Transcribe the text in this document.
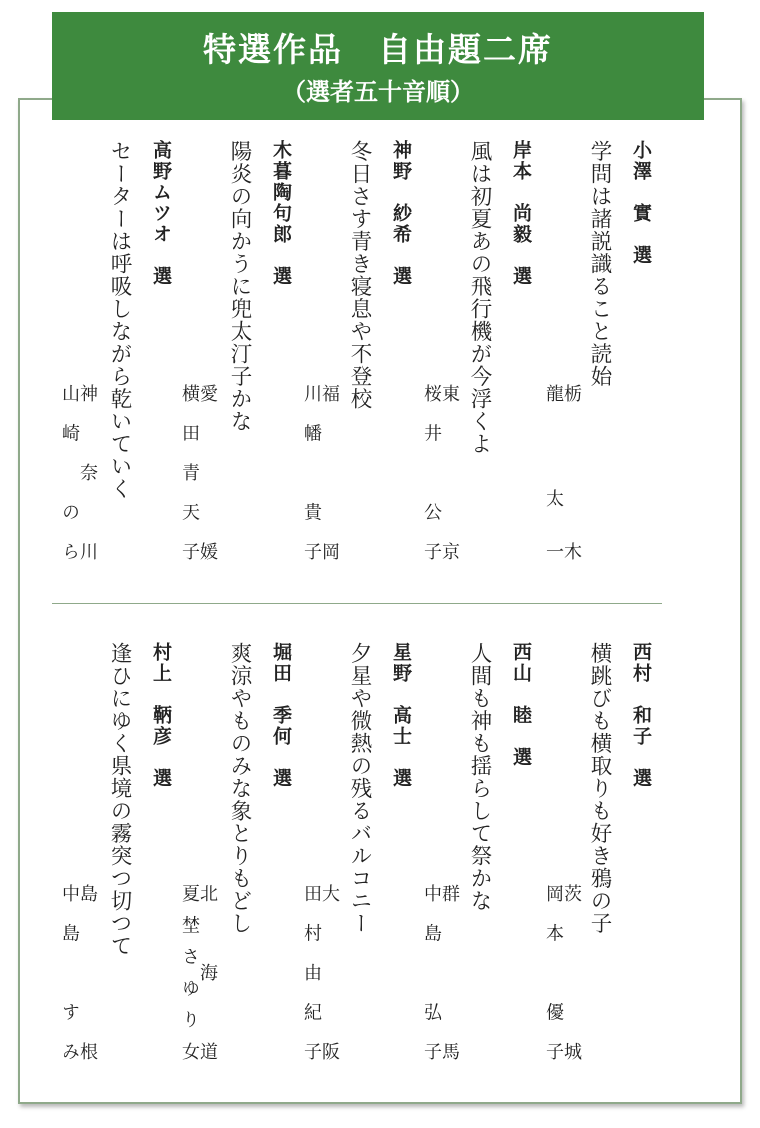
特選作品　自由題二席
（選者五十音順）
小澤　實　選
学問は諸説識ること読始
栃　木
龍　太一
岸本　尚毅　選
風は初夏あの飛行機が今浮くよ
東　京
桜井　公子
神野　紗希　選
冬日さす青き寝息や不登校
福　岡
川幡　貴子
木暮陶句郎　選
陽炎の向かうに兜太汀子かな
愛　媛
横田青天子
高野ムツオ　選
セーターは呼吸しながら乾いていく
神奈川
山崎　のら
西村　和子　選
横跳びも横取りも好き鴉の子
茨　城
岡本　優子
西山　睦　選
人間も神も揺らして祭かな
群　馬
中島　弘子
星野　高士　選
夕星や微熱の残るバルコニー
大　阪
田村由紀子
堀田　季何　選
爽涼やものみな象とりもどし
北海道
夏埜さゆり女
村上　鞆彦　選
逢ひにゆく県境の霧突つ切つて
島　根
中島　すみ
